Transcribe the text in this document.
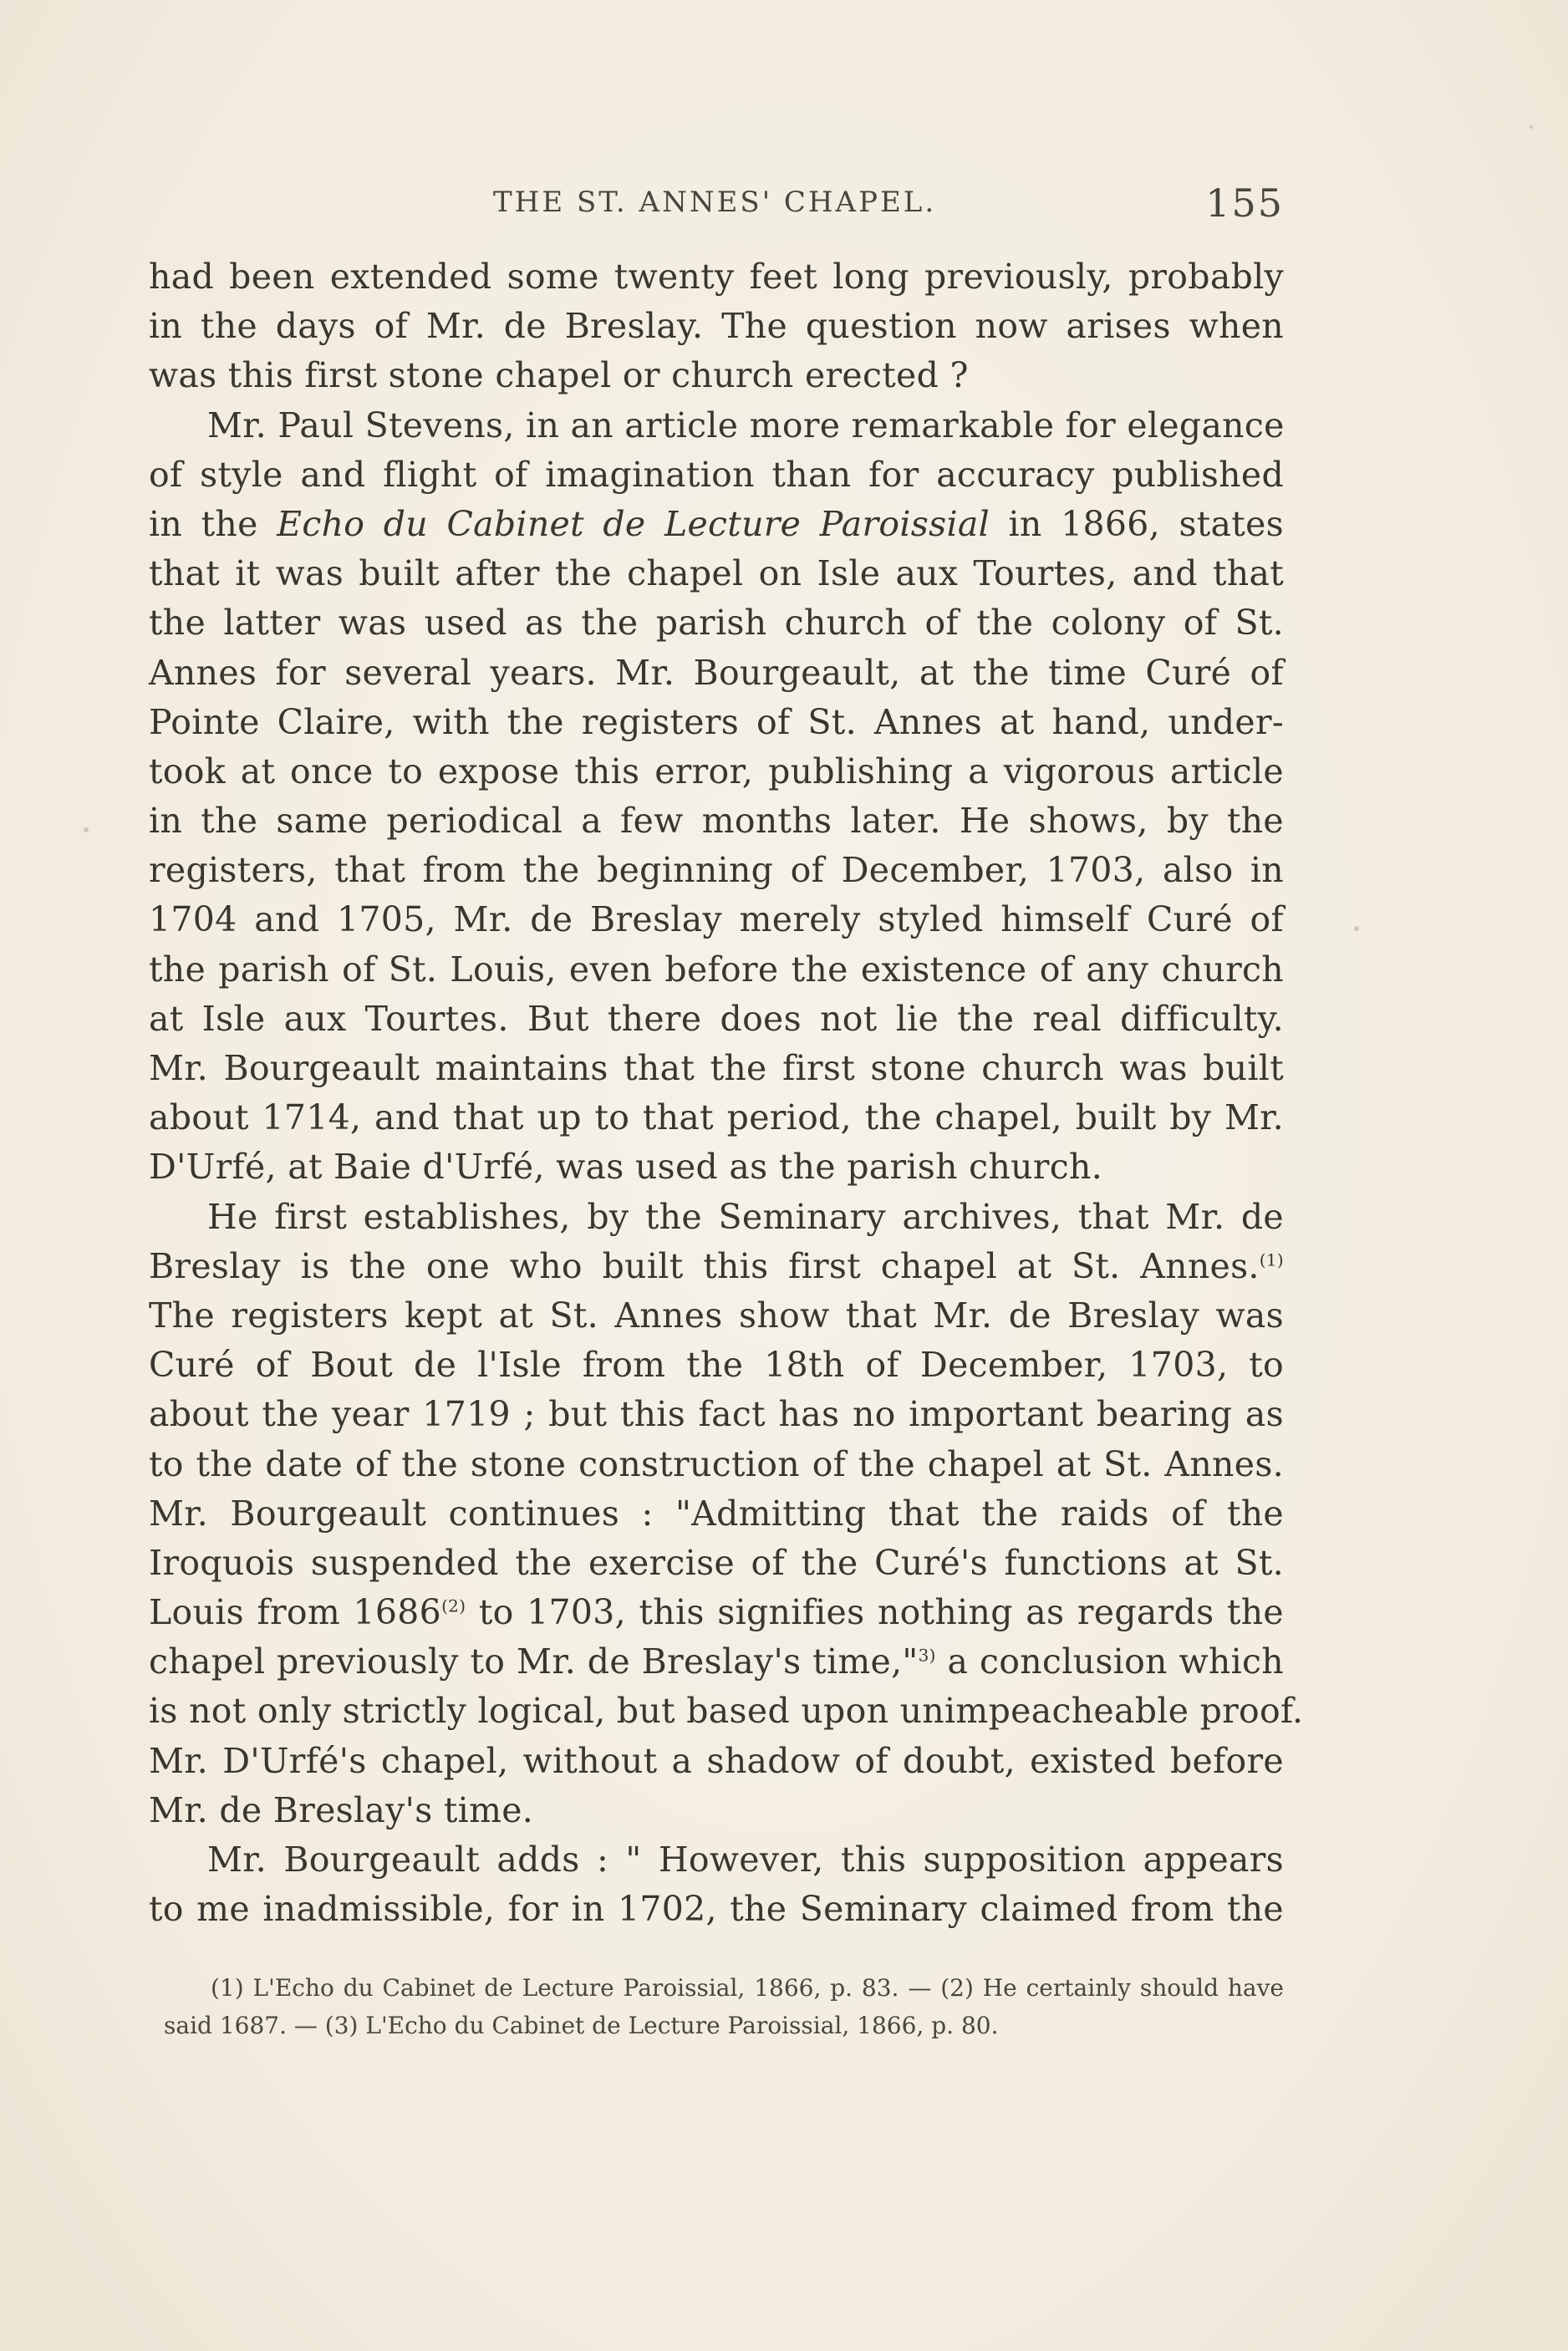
THE ST. ANNES' CHAPEL.	155
had been extended some twenty feet long previously, probably
in the days of Mr. de Breslay. The question now arises when
was this first stone chapel or church erected ?
Mr. Paul Stevens, in an article more remarkable for elegance
of style and flight of imagination than for accuracy published
in the Echo du Cabinet de Lecture Paroissial in 1866, states
that it was built after the chapel on Isle aux Tourtes, and that
the latter was used as the parish church of the colony of St.
Annes for several years. Mr. Bourgeault, at the time Curé of
Pointe Claire, with the registers of St. Annes at hand, under-
took at once to expose this error, publishing a vigorous article
in the same periodical a few months later. He shows, by the
registers, that from the beginning of December, 1703, also in
1704 and 1705, Mr. de Breslay merely styled himself Curé of
the parish of St. Louis, even before the existence of any church
at Isle aux Tourtes. But there does not lie the real difficulty.
Mr. Bourgeault maintains that the first stone church was built
about 1714, and that up to that period, the chapel, built by Mr.
D'Urfé, at Baie d'Urfé, was used as the parish church.
He first establishes, by the Seminary archives, that Mr. de
Breslay is the one who built this first chapel at St. Annes.$^{(1)}$
The registers kept at St. Annes show that Mr. de Breslay was
Curé of Bout de l'Isle from the 18th of December, 1703, to
about the year 1719 ; but this fact has no important bearing as
to the date of the stone construction of the chapel at St. Annes.
Mr. Bourgeault continues : "Admitting that the raids of the
Iroquois suspended the exercise of the Curé's functions at St.
Louis from 1686$^{(2)}$ to 1703, this signifies nothing as regards the
chapel previously to Mr. de Breslay's time,"$^{3)}$ a conclusion which
is not only strictly logical, but based upon unimpeacheable proof.
Mr. D'Urfé's chapel, without a shadow of doubt, existed before
Mr. de Breslay's time.
Mr. Bourgeault adds : " However, this supposition appears
to me inadmissible, for in 1702, the Seminary claimed from the
(1) L'Echo du Cabinet de Lecture Paroissial, 1866, p. 83. — (2) He certainly should have
said 1687. — (3) L'Echo du Cabinet de Lecture Paroissial, 1866, p. 80.
